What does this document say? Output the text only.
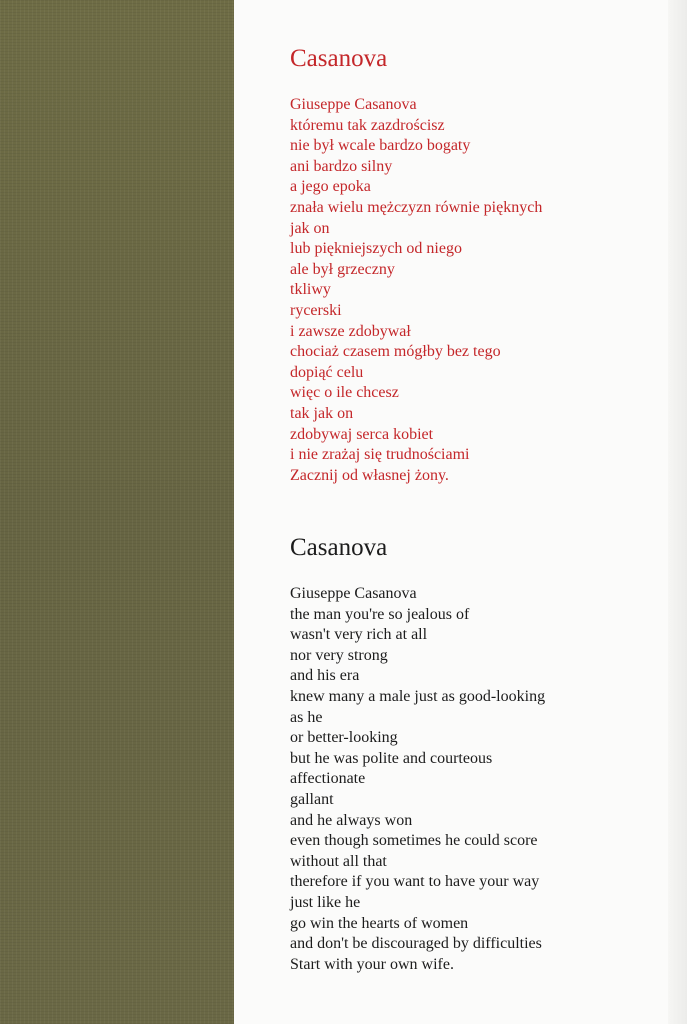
Casanova
Giuseppe Casanova
któremu tak zazdrościsz
nie był wcale bardzo bogaty
ani bardzo silny
a jego epoka
znała wielu mężczyzn równie pięknych
jak on
lub piękniejszych od niego
ale był grzeczny
tkliwy
rycerski
i zawsze zdobywał
chociaż czasem mógłby bez tego
dopiąć celu
więc o ile chcesz
tak jak on
zdobywaj serca kobiet
i nie zrażaj się trudnościami
Zacznij od własnej żony.
Casanova
Giuseppe Casanova
the man you're so jealous of
wasn't very rich at all
nor very strong
and his era
knew many a male just as good-looking
as he
or better-looking
but he was polite and courteous
affectionate
gallant
and he always won
even though sometimes he could score
without all that
therefore if you want to have your way
just like he
go win the hearts of women
and don't be discouraged by difficulties
Start with your own wife.
